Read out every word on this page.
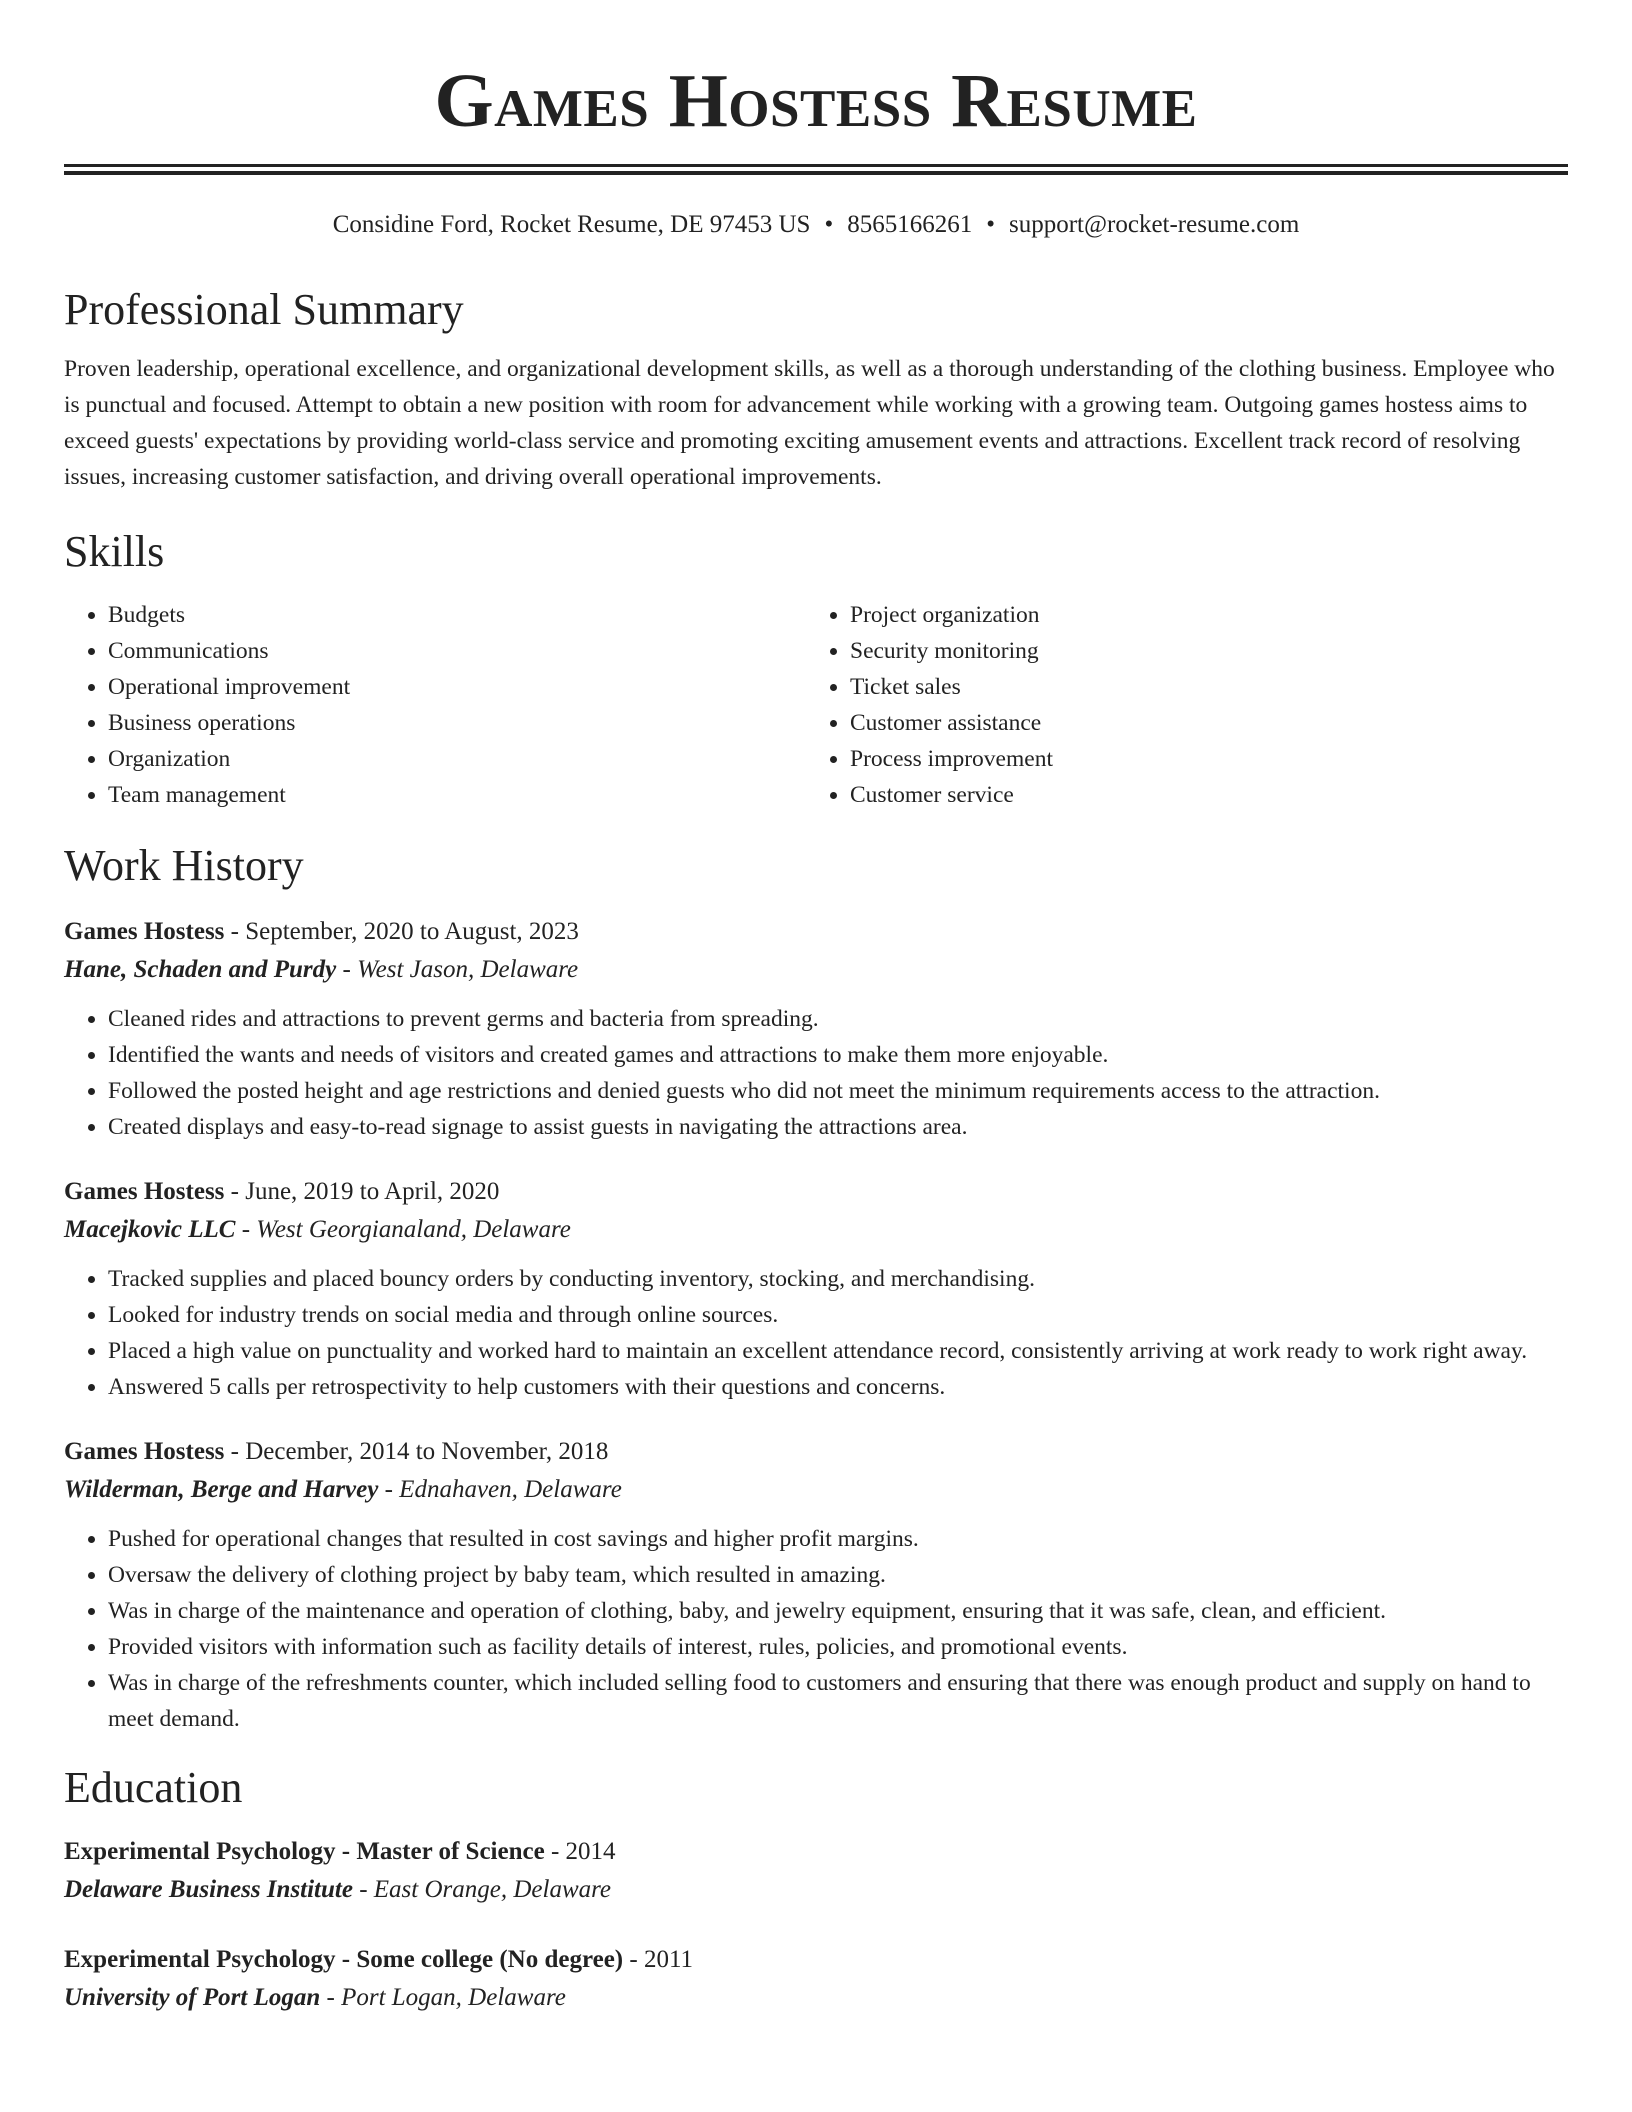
Games Hostess Resume
Considine Ford, Rocket Resume, DE 97453 US • 8565166261 • support@rocket-resume.com
Professional Summary
Proven leadership, operational excellence, and organizational development skills, as well as a thorough understanding of the clothing business. Employee who is punctual and focused. Attempt to obtain a new position with room for advancement while working with a growing team. Outgoing games hostess aims to exceed guests' expectations by providing world-class service and promoting exciting amusement events and attractions. Excellent track record of resolving issues, increasing customer satisfaction, and driving overall operational improvements.
Skills
• Budgets
• Communications
• Operational improvement
• Business operations
• Organization
• Team management
• Project organization
• Security monitoring
• Ticket sales
• Customer assistance
• Process improvement
• Customer service
Work History
Games Hostess - September, 2020 to August, 2023
Hane, Schaden and Purdy - West Jason, Delaware
• Cleaned rides and attractions to prevent germs and bacteria from spreading.
• Identified the wants and needs of visitors and created games and attractions to make them more enjoyable.
• Followed the posted height and age restrictions and denied guests who did not meet the minimum requirements access to the attraction.
• Created displays and easy-to-read signage to assist guests in navigating the attractions area.
Games Hostess - June, 2019 to April, 2020
Macejkovic LLC - West Georgianaland, Delaware
• Tracked supplies and placed bouncy orders by conducting inventory, stocking, and merchandising.
• Looked for industry trends on social media and through online sources.
• Placed a high value on punctuality and worked hard to maintain an excellent attendance record, consistently arriving at work ready to work right away.
• Answered 5 calls per retrospectivity to help customers with their questions and concerns.
Games Hostess - December, 2014 to November, 2018
Wilderman, Berge and Harvey - Ednahaven, Delaware
• Pushed for operational changes that resulted in cost savings and higher profit margins.
• Oversaw the delivery of clothing project by baby team, which resulted in amazing.
• Was in charge of the maintenance and operation of clothing, baby, and jewelry equipment, ensuring that it was safe, clean, and efficient.
• Provided visitors with information such as facility details of interest, rules, policies, and promotional events.
• Was in charge of the refreshments counter, which included selling food to customers and ensuring that there was enough product and supply on hand to meet demand.
Education
Experimental Psychology - Master of Science - 2014
Delaware Business Institute - East Orange, Delaware
Experimental Psychology - Some college (No degree) - 2011
University of Port Logan - Port Logan, Delaware
